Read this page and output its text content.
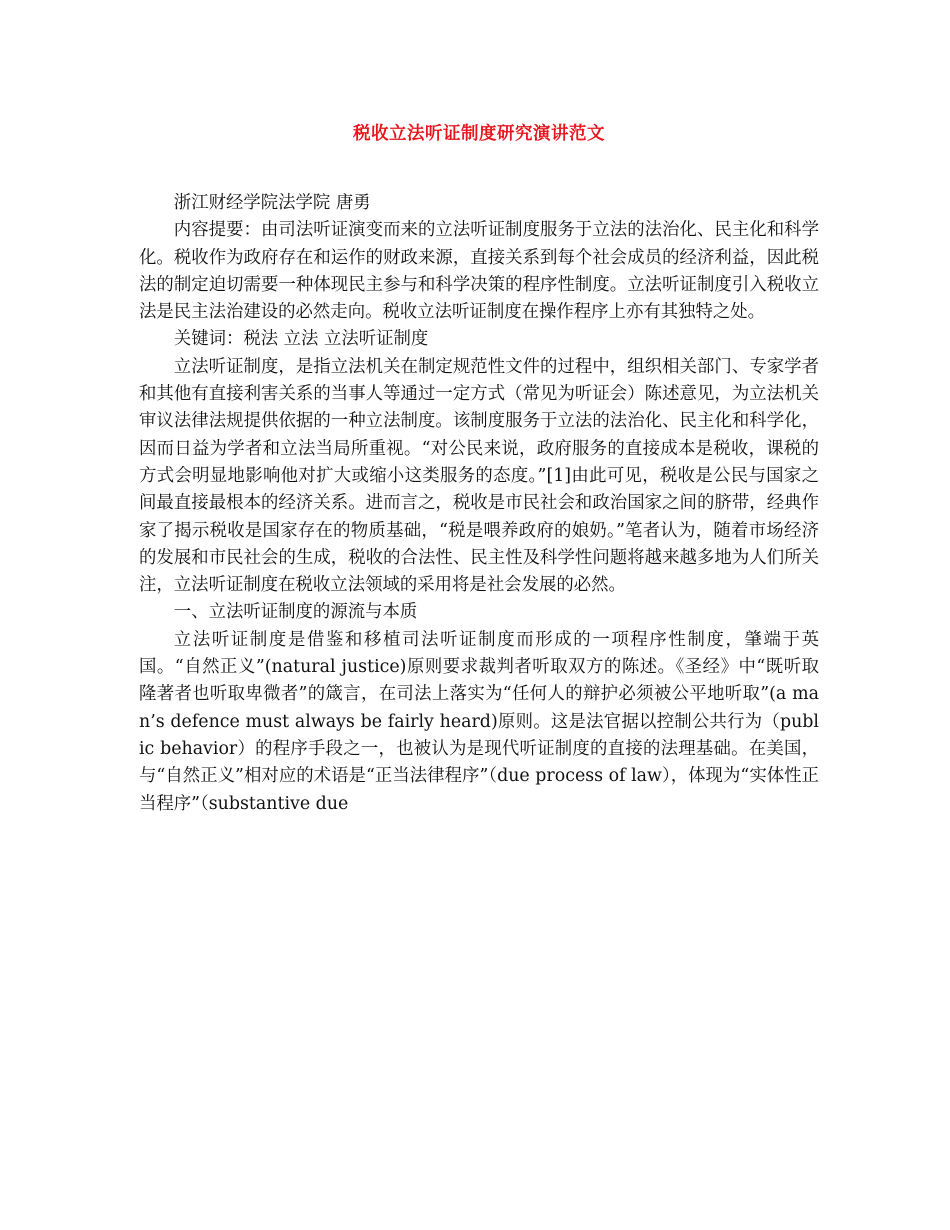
税收立法听证制度研究演讲范文

浙江财经学院法学院 唐勇

内容提要：由司法听证演变而来的立法听证制度服务于立法的法治化、民主化和科学化。税收作为政府存在和运作的财政来源，直接关系到每个社会成员的经济利益，因此税法的制定迫切需要一种体现民主参与和科学决策的程序性制度。立法听证制度引入税收立法是民主法治建设的必然走向。税收立法听证制度在操作程序上亦有其独特之处。

关键词：税法 立法 立法听证制度

立法听证制度，是指立法机关在制定规范性文件的过程中，组织相关部门、专家学者和其他有直接利害关系的当事人等通过一定方式（常见为听证会）陈述意见，为立法机关审议法律法规提供依据的一种立法制度。该制度服务于立法的法治化、民主化和科学化，因而日益为学者和立法当局所重视。“对公民来说，政府服务的直接成本是税收，课税的方式会明显地影响他对扩大或缩小这类服务的态度。”[1]由此可见，税收是公民与国家之间最直接最根本的经济关系。进而言之，税收是市民社会和政治国家之间的脐带，经典作家了揭示税收是国家存在的物质基础，“税是喂养政府的娘奶。”笔者认为，随着市场经济的发展和市民社会的生成，税收的合法性、民主性及科学性问题将越来越多地为人们所关注，立法听证制度在税收立法领域的采用将是社会发展的必然。

一、立法听证制度的源流与本质

立法听证制度是借鉴和移植司法听证制度而形成的一项程序性制度，肇端于英国。“自然正义”(natural justice)原则要求裁判者听取双方的陈述。《圣经》中“既听取隆著者也听取卑微者”的箴言，在司法上落实为“任何人的辩护必须被公平地听取”(a man’s defence must always be fairly heard)原则。这是法官据以控制公共行为（public behavior）的程序手段之一，也被认为是现代听证制度的直接的法理基础。在美国，与“自然正义”相对应的术语是“正当法律程序”（due process of law），体现为“实体性正当程序”（substantive due
